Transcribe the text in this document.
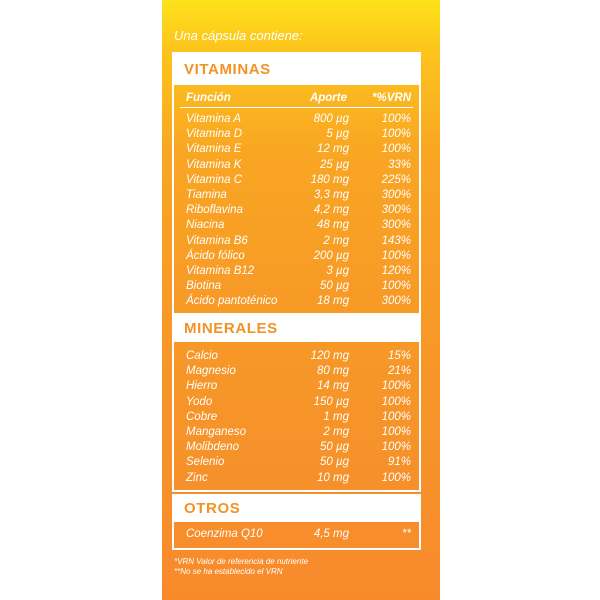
Una cápsula contiene:
VITAMINAS
Función	Aporte *%VRN
Vitamina A	800 µg	100%
Vitamina D	5 µg	100%
Vitamina E	12 mg	100%
Vitamina K	25 µg	33%
Vitamina C	180 mg	225%
Tiamina	3,3 mg	300%
Riboflavina	4,2 mg	300%
Niacina	48 mg	300%
Vitamina B6	2 mg	143%
Ácido fólico	200 µg	100%
Vitamina B12	3 µg	120%
Biotina	50 µg	100%
Ácido pantoténico	18 mg	300%
MINERALES
Calcio	120 mg	15%
Magnesio	80 mg	21%
Hierro	14 mg	100%
Yodo	150 µg	100%
Cobre	1 mg	100%
Manganeso	2 mg	100%
Molibdeno	50 µg	100%
Selenio	50 µg	91%
Zinc	10 mg	100%
OTROS
Coenzima Q10	4,5 mg	**
*VRN Valor de referencia de nutriente
**No se ha establecido el VRN
